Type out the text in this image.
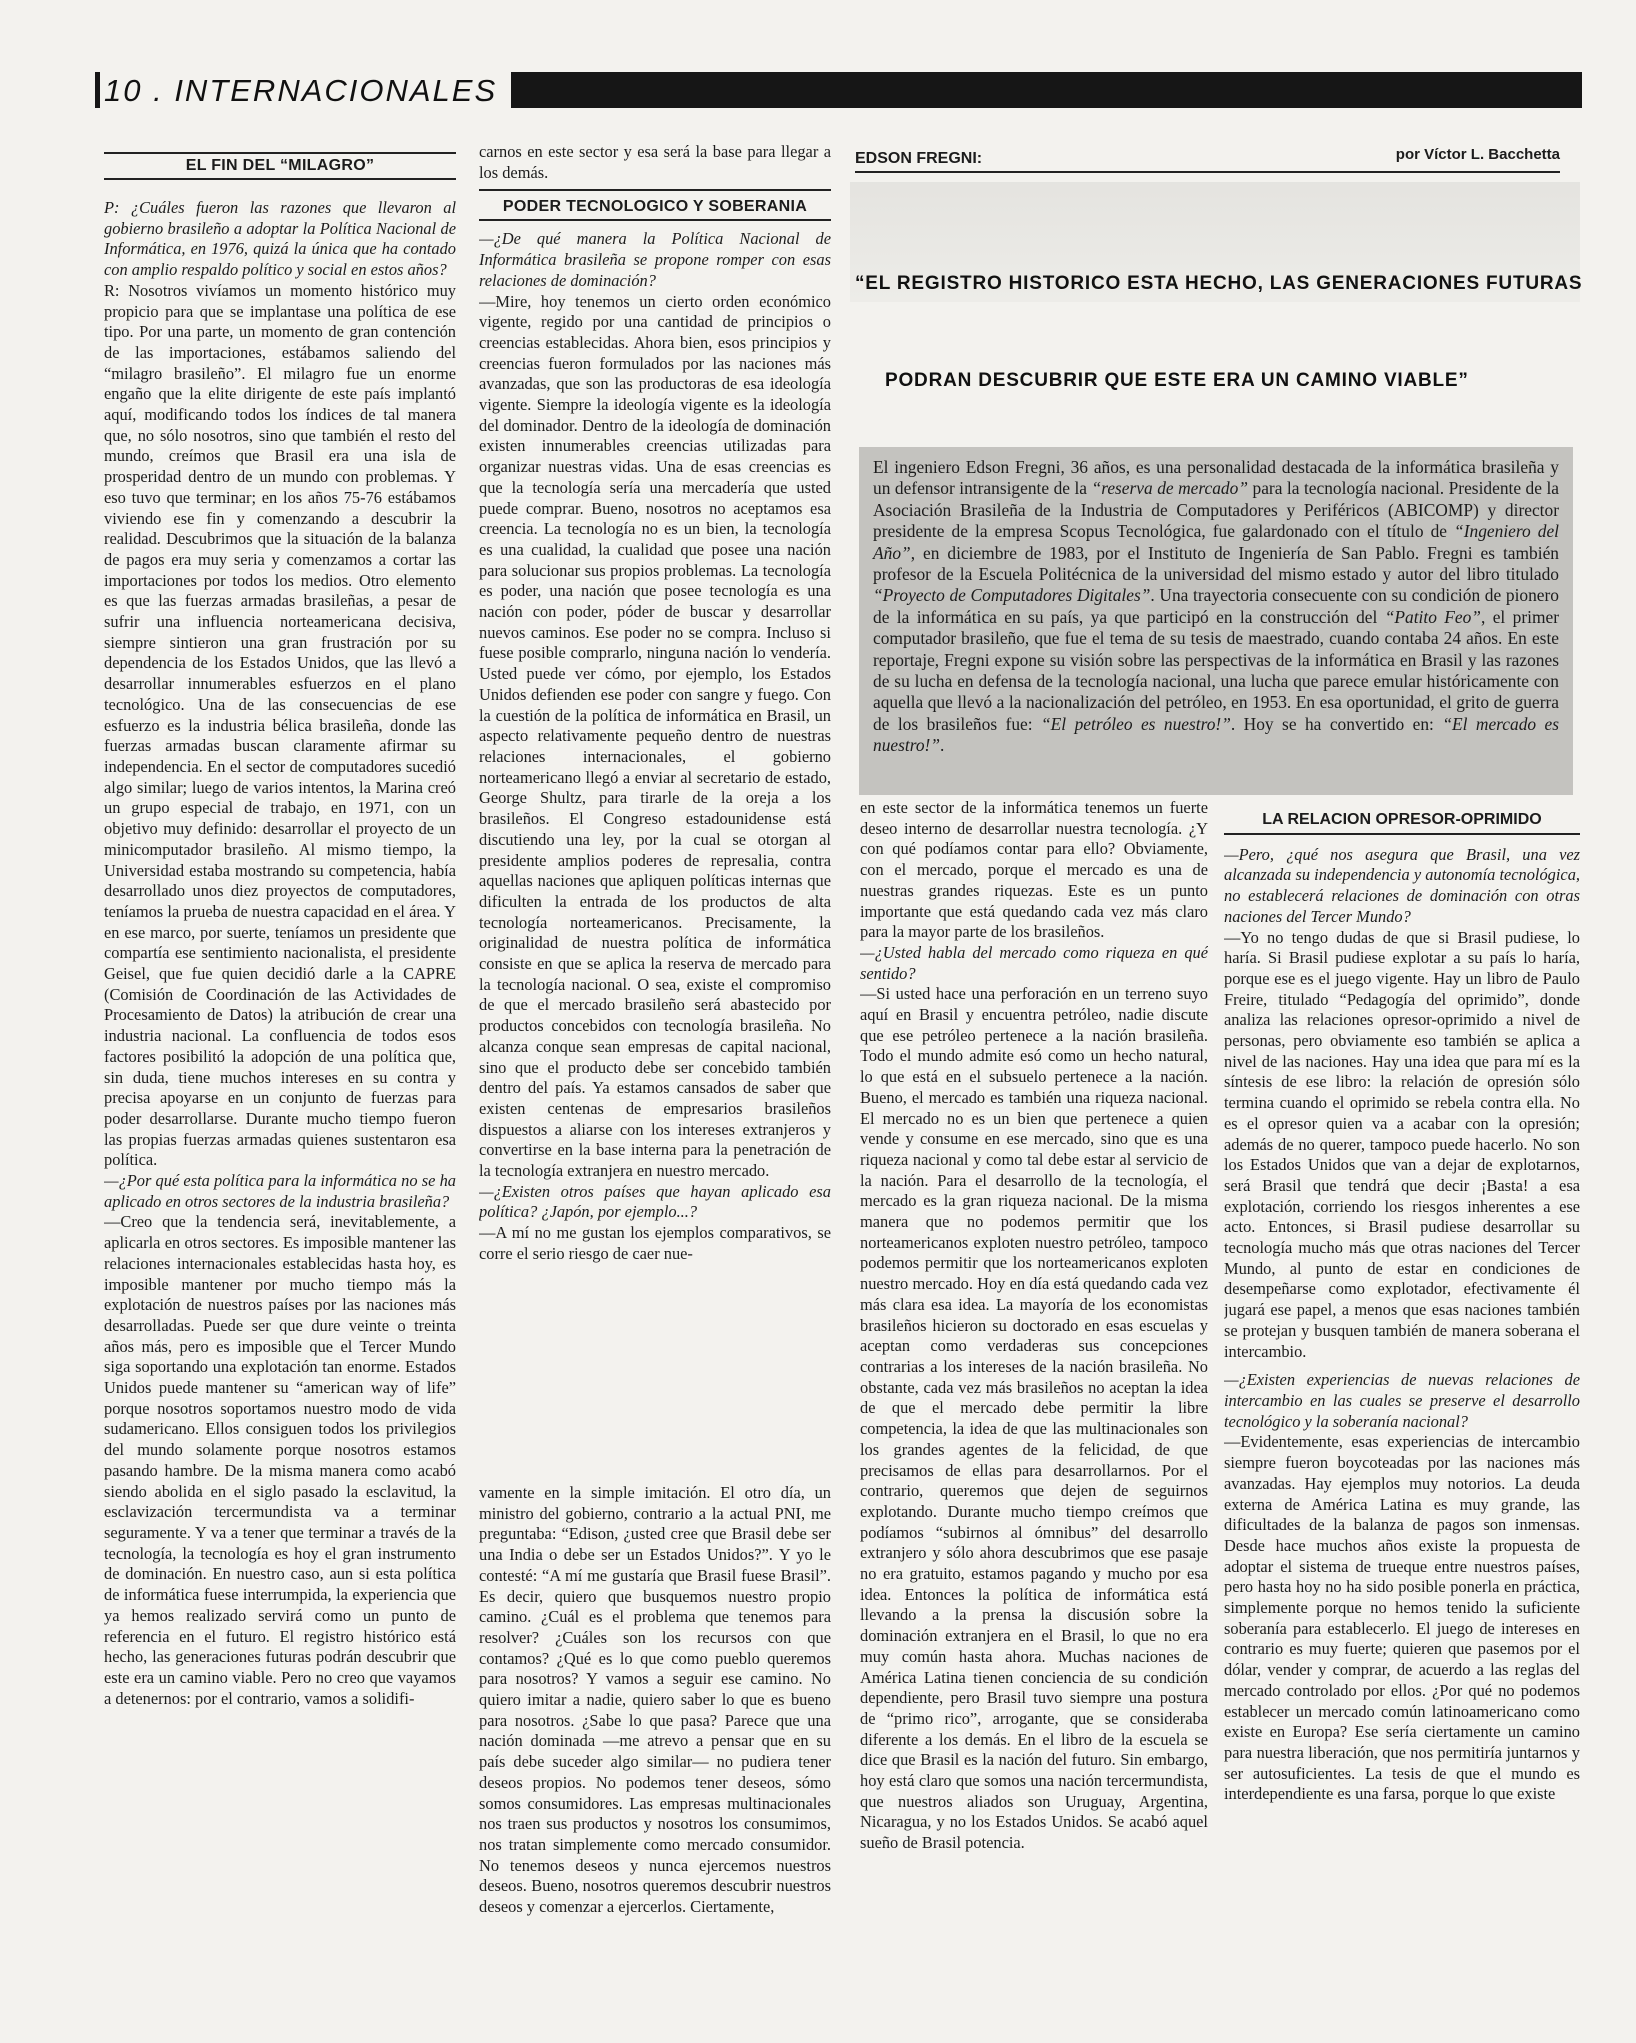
10 . INTERNACIONALES
EL FIN DEL “MILAGRO”

P: ¿Cuáles fueron las razones que llevaron al gobierno brasileño a adoptar la Política Nacional de Informática, en 1976, quizá la única que ha contado con amplio respaldo político y social en estos años?

R: Nosotros vivíamos un momento histórico muy propicio para que se implantase una política de ese tipo. Por una parte, un momento de gran contención de las importaciones, estábamos saliendo del “milagro brasileño”. El milagro fue un enorme engaño que la elite dirigente de este país implantó aquí, modificando todos los índices de tal manera que, no sólo nosotros, sino que también el resto del mundo, creímos que Brasil era una isla de prosperidad dentro de un mundo con problemas. Y eso tuvo que terminar; en los años 75-76 estábamos viviendo ese fin y comenzando a descubrir la realidad. Descubrimos que la situación de la balanza de pagos era muy seria y comenzamos a cortar las importaciones por todos los medios. Otro elemento es que las fuerzas armadas brasileñas, a pesar de sufrir una influencia norteamericana decisiva, siempre sintieron una gran frustración por su dependencia de los Estados Unidos, que las llevó a desarrollar innumerables esfuerzos en el plano tecnológico. Una de las consecuencias de ese esfuerzo es la industria bélica brasileña, donde las fuerzas armadas buscan claramente afirmar su independencia. En el sector de computadores sucedió algo similar; luego de varios intentos, la Marina creó un grupo especial de trabajo, en 1971, con un objetivo muy definido: desarrollar el proyecto de un minicomputador brasileño. Al mismo tiempo, la Universidad estaba mostrando su competencia, había desarrollado unos diez proyectos de computadores, teníamos la prueba de nuestra capacidad en el área. Y en ese marco, por suerte, teníamos un presidente que compartía ese sentimiento nacionalista, el presidente Geisel, que fue quien decidió darle a la CAPRE (Comisión de Coordinación de las Actividades de Procesamiento de Datos) la atribución de crear una industria nacional. La confluencia de todos esos factores posibilitó la adopción de una política que, sin duda, tiene muchos intereses en su contra y precisa apoyarse en un conjunto de fuerzas para poder desarrollarse. Durante mucho tiempo fueron las propias fuerzas armadas quienes sustentaron esa política.

—¿Por qué esta política para la informática no se ha aplicado en otros sectores de la industria brasileña?

—Creo que la tendencia será, inevitablemente, a aplicarla en otros sectores. Es imposible mantener las relaciones internacionales establecidas hasta hoy, es imposible mantener por mucho tiempo más la explotación de nuestros países por las naciones más desarrolladas. Puede ser que dure veinte o treinta años más, pero es imposible que el Tercer Mundo siga soportando una explotación tan enorme. Estados Unidos puede mantener su “american way of life” porque nosotros soportamos nuestro modo de vida sudamericano. Ellos consiguen todos los privilegios del mundo solamente porque nosotros estamos pasando hambre. De la misma manera como acabó siendo abolida en el siglo pasado la esclavitud, la esclavización tercermundista va a terminar seguramente. Y va a tener que terminar a través de la tecnología, la tecnología es hoy el gran instrumento de dominación. En nuestro caso, aun si esta política de informática fuese interrumpida, la experiencia que ya hemos realizado servirá como un punto de referencia en el futuro. El registro histórico está hecho, las generaciones futuras podrán descubrir que este era un camino viable. Pero no creo que vayamos a detenernos: por el contrario, vamos a solidifi-

carnos en este sector y esa será la base para llegar a los demás.

PODER TECNOLOGICO Y SOBERANIA

—¿De qué manera la Política Nacional de Informática brasileña se propone romper con esas relaciones de dominación?

—Mire, hoy tenemos un cierto orden económico vigente, regido por una cantidad de principios o creencias establecidas. Ahora bien, esos principios y creencias fueron formulados por las naciones más avanzadas, que son las productoras de esa ideología vigente. Siempre la ideología vigente es la ideología del dominador. Dentro de la ideología de dominación existen innumerables creencias utilizadas para organizar nuestras vidas. Una de esas creencias es que la tecnología sería una mercadería que usted puede comprar. Bueno, nosotros no aceptamos esa creencia. La tecnología no es un bien, la tecnología es una cualidad, la cualidad que posee una nación para solucionar sus propios problemas. La tecnología es poder, una nación que posee tecnología es una nación con poder, póder de buscar y desarrollar nuevos caminos. Ese poder no se compra. Incluso si fuese posible comprarlo, ninguna nación lo vendería. Usted puede ver cómo, por ejemplo, los Estados Unidos defienden ese poder con sangre y fuego. Con la cuestión de la política de informática en Brasil, un aspecto relativamente pequeño dentro de nuestras relaciones internacionales, el gobierno norteamericano llegó a enviar al secretario de estado, George Shultz, para tirarle de la oreja a los brasileños. El Congreso estadounidense está discutiendo una ley, por la cual se otorgan al presidente amplios poderes de represalia, contra aquellas naciones que apliquen políticas internas que dificulten la entrada de los productos de alta tecnología norteamericanos. Precisamente, la originalidad de nuestra política de informática consiste en que se aplica la reserva de mercado para la tecnología nacional. O sea, existe el compromiso de que el mercado brasileño será abastecido por productos concebidos con tecnología brasileña. No alcanza conque sean empresas de capital nacional, sino que el producto debe ser concebido también dentro del país. Ya estamos cansados de saber que existen centenas de empresarios brasileños dispuestos a aliarse con los intereses extranjeros y convertirse en la base interna para la penetración de la tecnología extranjera en nuestro mercado.

—¿Existen otros países que hayan aplicado esa política? ¿Japón, por ejemplo...?

—A mí no me gustan los ejemplos comparativos, se corre el serio riesgo de caer nue-

vamente en la simple imitación. El otro día, un ministro del gobierno, contrario a la actual PNI, me preguntaba: “Edison, ¿usted cree que Brasil debe ser una India o debe ser un Estados Unidos?”. Y yo le contesté: “A mí me gustaría que Brasil fuese Brasil”. Es decir, quiero que busquemos nuestro propio camino. ¿Cuál es el problema que tenemos para resolver? ¿Cuáles son los recursos con que contamos? ¿Qué es lo que como pueblo queremos para nosotros? Y vamos a seguir ese camino. No quiero imitar a nadie, quiero saber lo que es bueno para nosotros. ¿Sabe lo que pasa? Parece que una nación dominada —me atrevo a pensar que en su país debe suceder algo similar— no pudiera tener deseos propios. No podemos tener deseos, sómo somos consumidores. Las empresas multinacionales nos traen sus productos y nosotros los consumimos, nos tratan simplemente como mercado consumidor. No tenemos deseos y nunca ejercemos nuestros deseos. Bueno, nosotros queremos descubrir nuestros deseos y comenzar a ejercerlos. Ciertamente,

EDSON FREGNI:	por Víctor L. Bacchetta
“EL REGISTRO HISTORICO ESTA HECHO, LAS GENERACIONES FUTURAS
PODRAN DESCUBRIR QUE ESTE ERA UN CAMINO VIABLE”
El ingeniero Edson Fregni, 36 años, es una personalidad destacada de la informática brasileña y un defensor intransigente de la “reserva de mercado” para la tecnología nacional. Presidente de la Asociación Brasileña de la Industria de Computadores y Periféricos (ABICOMP) y director presidente de la empresa Scopus Tecnológica, fue galardonado con el título de “Ingeniero del Año”, en diciembre de 1983, por el Instituto de Ingeniería de San Pablo. Fregni es también profesor de la Escuela Politécnica de la universidad del mismo estado y autor del libro titulado “Proyecto de Computadores Digitales”. Una trayectoria consecuente con su condición de pionero de la informática en su país, ya que participó en la construcción del “Patito Feo”, el primer computador brasileño, que fue el tema de su tesis de maestrado, cuando contaba 24 años. En este reportaje, Fregni expone su visión sobre las perspectivas de la informática en Brasil y las razones de su lucha en defensa de la tecnología nacional, una lucha que parece emular históricamente con aquella que llevó a la nacionalización del petróleo, en 1953. En esa oportunidad, el grito de guerra de los brasileños fue: “El petróleo es nuestro!”. Hoy se ha convertido en: “El mercado es nuestro!”.

en este sector de la informática tenemos un fuerte deseo interno de desarrollar nuestra tecnología. ¿Y con qué podíamos contar para ello? Obviamente, con el mercado, porque el mercado es una de nuestras grandes riquezas. Este es un punto importante que está quedando cada vez más claro para la mayor parte de los brasileños.

—¿Usted habla del mercado como riqueza en qué sentido?

—Si usted hace una perforación en un terreno suyo aquí en Brasil y encuentra petróleo, nadie discute que ese petróleo pertenece a la nación brasileña. Todo el mundo admite esó como un hecho natural, lo que está en el subsuelo pertenece a la nación. Bueno, el mercado es también una riqueza nacional. El mercado no es un bien que pertenece a quien vende y consume en ese mercado, sino que es una riqueza nacional y como tal debe estar al servicio de la nación. Para el desarrollo de la tecnología, el mercado es la gran riqueza nacional. De la misma manera que no podemos permitir que los norteamericanos exploten nuestro petróleo, tampoco podemos permitir que los norteamericanos exploten nuestro mercado. Hoy en día está quedando cada vez más clara esa idea. La mayoría de los economistas brasileños hicieron su doctorado en esas escuelas y aceptan como verdaderas sus concepciones contrarias a los intereses de la nación brasileña. No obstante, cada vez más brasileños no aceptan la idea de que el mercado debe permitir la libre competencia, la idea de que las multinacionales son los grandes agentes de la felicidad, de que precisamos de ellas para desarrollarnos. Por el contrario, queremos que dejen de seguirnos explotando. Durante mucho tiempo creímos que podíamos “subirnos al ómnibus” del desarrollo extranjero y sólo ahora descubrimos que ese pasaje no era gratuito, estamos pagando y mucho por esa idea. Entonces la política de informática está llevando a la prensa la discusión sobre la dominación extranjera en el Brasil, lo que no era muy común hasta ahora. Muchas naciones de América Latina tienen conciencia de su condición dependiente, pero Brasil tuvo siempre una postura de “primo rico”, arrogante, que se consideraba diferente a los demás. En el libro de la escuela se dice que Brasil es la nación del futuro. Sin embargo, hoy está claro que somos una nación tercermundista, que nuestros aliados son Uruguay, Argentina, Nicaragua, y no los Estados Unidos. Se acabó aquel sueño de Brasil potencia.

LA RELACION OPRESOR-OPRIMIDO

—Pero, ¿qué nos asegura que Brasil, una vez alcanzada su independencia y autonomía tecnológica, no establecerá relaciones de dominación con otras naciones del Tercer Mundo?

—Yo no tengo dudas de que si Brasil pudiese, lo haría. Si Brasil pudiese explotar a su país lo haría, porque ese es el juego vigente. Hay un libro de Paulo Freire, titulado “Pedagogía del oprimido”, donde analiza las relaciones opresor-oprimido a nivel de personas, pero obviamente eso también se aplica a nivel de las naciones. Hay una idea que para mí es la síntesis de ese libro: la relación de opresión sólo termina cuando el oprimido se rebela contra ella. No es el opresor quien va a acabar con la opresión; además de no querer, tampoco puede hacerlo. No son los Estados Unidos que van a dejar de explotarnos, será Brasil que tendrá que decir ¡Basta! a esa explotación, corriendo los riesgos inherentes a ese acto. Entonces, si Brasil pudiese desarrollar su tecnología mucho más que otras naciones del Tercer Mundo, al punto de estar en condiciones de desempeñarse como explotador, efectivamente él jugará ese papel, a menos que esas naciones también se protejan y busquen también de manera soberana el intercambio.

—¿Existen experiencias de nuevas relaciones de intercambio en las cuales se preserve el desarrollo tecnológico y la soberanía nacional?

—Evidentemente, esas experiencias de intercambio siempre fueron boycoteadas por las naciones más avanzadas. Hay ejemplos muy notorios. La deuda externa de América Latina es muy grande, las dificultades de la balanza de pagos son inmensas. Desde hace muchos años existe la propuesta de adoptar el sistema de trueque entre nuestros países, pero hasta hoy no ha sido posible ponerla en práctica, simplemente porque no hemos tenido la suficiente soberanía para establecerlo. El juego de intereses en contrario es muy fuerte; quieren que pasemos por el dólar, vender y comprar, de acuerdo a las reglas del mercado controlado por ellos. ¿Por qué no podemos establecer un mercado común latinoamericano como existe en Europa? Ese sería ciertamente un camino para nuestra liberación, que nos permitiría juntarnos y ser autosuficientes. La tesis de que el mundo es interdependiente es una farsa, porque lo que existe
